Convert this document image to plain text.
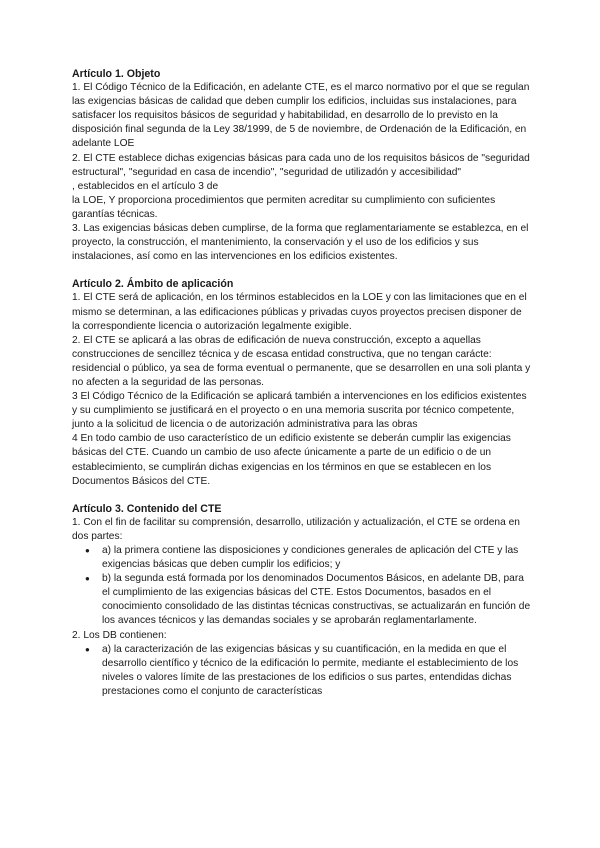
Artículo 1. Objeto

1. El Código Técnico de la Edificación, en adelante CTE, es el marco normativo por el que se regulan las exigencias básicas de calidad que deben cumplir los edificios, incluidas sus instalaciones, para satisfacer los requisitos básicos de seguridad y habitabilidad, en desarrollo de lo previsto en la disposición final segunda de la Ley 38/1999, de 5 de noviembre, de Ordenación de la Edificación, en adelante LOE

2. El CTE establece dichas exigencias básicas para cada uno de los requisitos básicos de "seguridad estructural", "seguridad en casa de incendio", "seguridad de utilizadón y accesibilidad"

, establecidos en el artículo 3 de

la LOE, Y proporciona procedimientos que permiten acreditar su cumplimiento con suficientes garantías técnicas.

3. Las exigencias básicas deben cumplirse, de la forma que reglamentariamente se establezca, en el proyecto, la construcción, el mantenimiento, la conservación y el uso de los edificios y sus instalaciones, así como en las intervenciones en los edificios existentes.

Artículo 2. Ámbito de aplicación

1. El CTE será de aplicación, en los términos establecidos en la LOE y con las limitaciones que en el mismo se determinan, a las edificaciones públicas y privadas cuyos proyectos precisen disponer de la correspondiente licencia o autorización legalmente exigible.

2. El CTE se aplicará a las obras de edificación de nueva construcción, excepto a aquellas construcciones de sencillez técnica y de escasa entidad constructiva, que no tengan carácte: residencial o público, ya sea de forma eventual o permanente, que se desarrollen en una soli planta y no afecten a la seguridad de las personas.

3 El Código Técnico de la Edificación se aplicará también a intervenciones en los edificios existentes y su cumplimiento se justificará en el proyecto o en una memoria suscrita por técnico competente, junto a la solicitud de licencia o de autorización administrativa para las obras

4 En todo cambio de uso característico de un edificio existente se deberán cumplir las exigencias básicas del CTE. Cuando un cambio de uso afecte únicamente a parte de un edificio o de un establecimiento, se cumplirán dichas exigencias en los términos en que se establecen en los Documentos Básicos del CTE.

Artículo 3. Contenido del CTE

1. Con el fin de facilitar su comprensión, desarrollo, utilización y actualización, el CTE se ordena en dos partes:

● a) la primera contiene las disposiciones y condiciones generales de aplicación del CTE y las exigencias básicas que deben cumplir los edificios; y
● b) la segunda está formada por los denominados Documentos Básicos, en adelante DB, para el cumplimiento de las exigencias básicas del CTE. Estos Documentos, basados en el conocimiento consolidado de las distintas técnicas constructivas, se actualizarán en función de los avances técnicos y las demandas sociales y se aprobarán reglamentarlamente.

2. Los DB contienen:

● a) la caracterización de las exigencias básicas y su cuantificación, en la medida en que el desarrollo científico y técnico de la edificación lo permite, mediante el establecimiento de los niveles o valores límite de las prestaciones de los edificios o sus partes, entendidas dichas prestaciones como el conjunto de características
